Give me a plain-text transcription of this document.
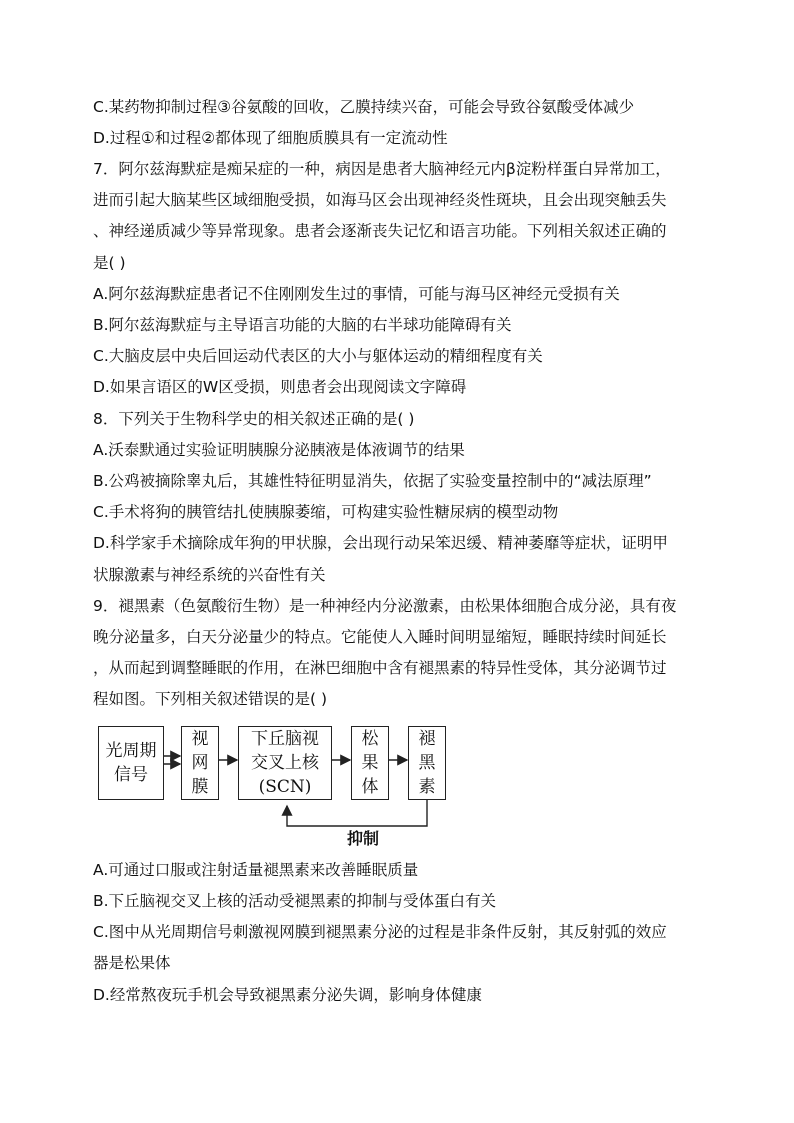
C.某药物抑制过程③谷氨酸的回收，乙膜持续兴奋，可能会导致谷氨酸受体减少
D.过程①和过程②都体现了细胞质膜具有一定流动性
7．阿尔兹海默症是痴呆症的一种，病因是患者大脑神经元内β淀粉样蛋白异常加工，
进而引起大脑某些区域细胞受损，如海马区会出现神经炎性斑块，且会出现突触丢失
、神经递质减少等异常现象。患者会逐渐丧失记忆和语言功能。下列相关叙述正确的
是( )
A.阿尔兹海默症患者记不住刚刚发生过的事情，可能与海马区神经元受损有关
B.阿尔兹海默症与主导语言功能的大脑的右半球功能障碍有关
C.大脑皮层中央后回运动代表区的大小与躯体运动的精细程度有关
D.如果言语区的W区受损，则患者会出现阅读文字障碍
8．下列关于生物科学史的相关叙述正确的是( )
A.沃泰默通过实验证明胰腺分泌胰液是体液调节的结果
B.公鸡被摘除睾丸后，其雄性特征明显消失，依据了实验变量控制中的“减法原理”
C.手术将狗的胰管结扎使胰腺萎缩，可构建实验性糖尿病的模型动物
D.科学家手术摘除成年狗的甲状腺，会出现行动呆笨迟缓、精神萎靡等症状，证明甲
状腺激素与神经系统的兴奋性有关
9．褪黑素（色氨酸衍生物）是一种神经内分泌激素，由松果体细胞合成分泌，具有夜
晚分泌量多，白天分泌量少的特点。它能使人入睡时间明显缩短，睡眠持续时间延长
，从而起到调整睡眠的作用，在淋巴细胞中含有褪黑素的特异性受体，其分泌调节过
程如图。下列相关叙述错误的是( )
光周期
信号
视
网
膜
下丘脑视
交叉上核
(SCN)
松
果
体
褪
黑
素
抑制
A.可通过口服或注射适量褪黑素来改善睡眠质量
B.下丘脑视交叉上核的活动受褪黑素的抑制与受体蛋白有关
C.图中从光周期信号刺激视网膜到褪黑素分泌的过程是非条件反射，其反射弧的效应
器是松果体
D.经常熬夜玩手机会导致褪黑素分泌失调，影响身体健康
